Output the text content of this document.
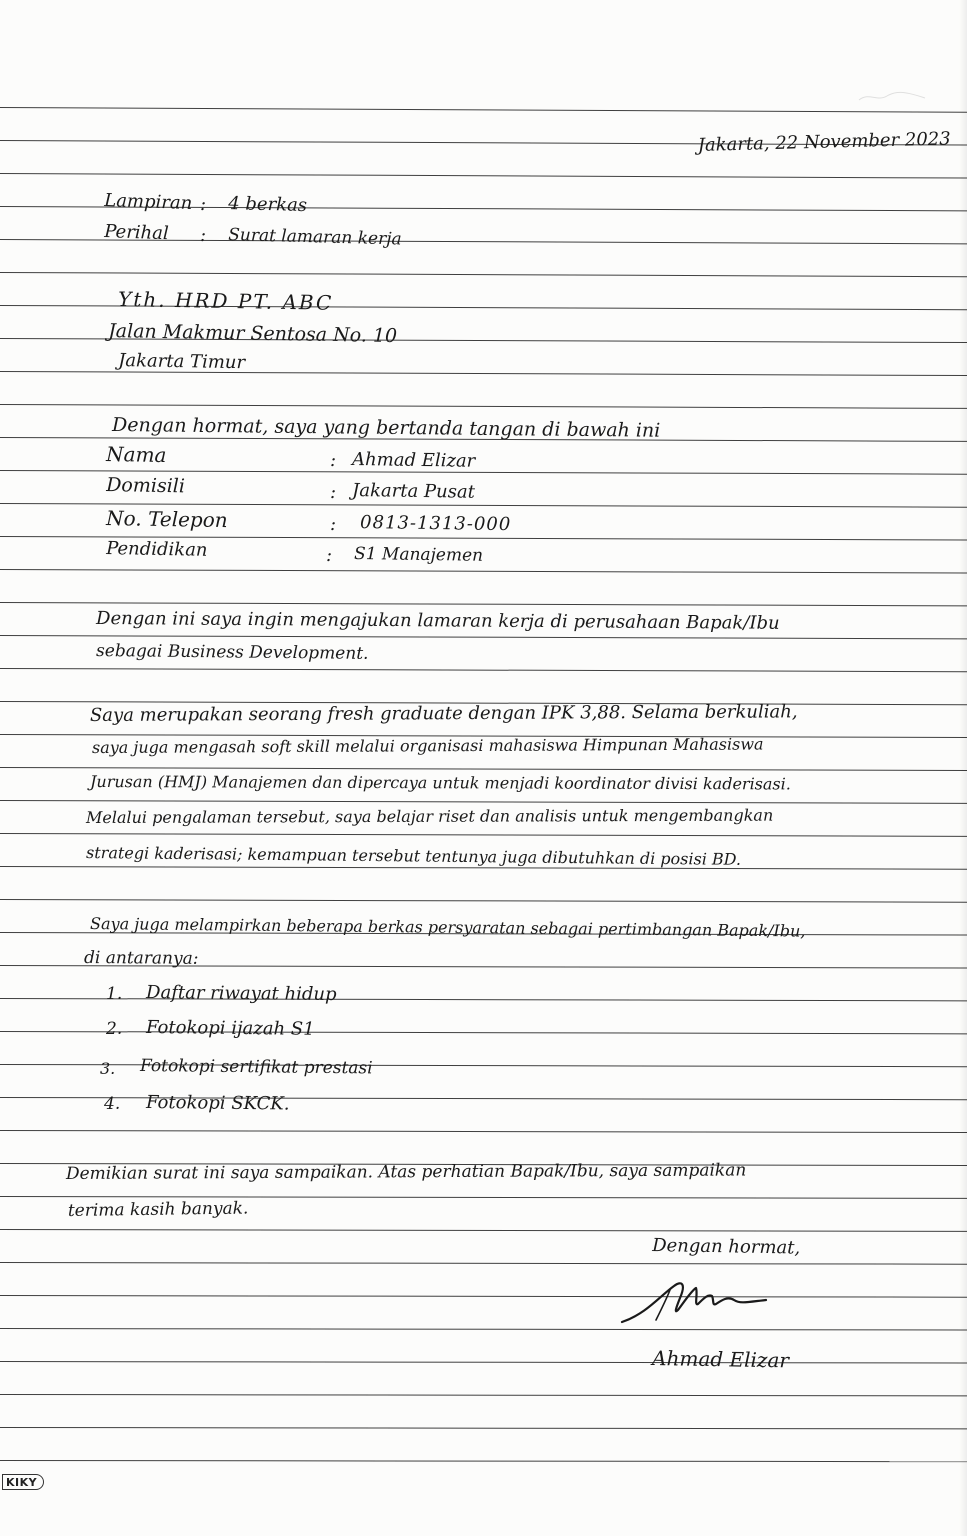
Jakarta, 22 November 2023
Lampiran : 4 berkas
Perihal : Surat lamaran kerja
Yth. HRD PT. ABC
Jalan Makmur Sentosa No. 10
Jakarta Timur
Dengan hormat, saya yang bertanda tangan di bawah ini
Nama	: Ahmad Elizar
Domisili	: Jakarta Pusat
No. Telepon	: 0813-1313-000
Pendidikan	: S1 Manajemen
Dengan ini saya ingin mengajukan lamaran kerja di perusahaan Bapak/Ibu
sebagai Business Development.
Saya merupakan seorang fresh graduate dengan IPK 3,88. Selama berkuliah,
saya juga mengasah soft skill melalui organisasi mahasiswa Himpunan Mahasiswa
Jurusan (HMJ) Manajemen dan dipercaya untuk menjadi koordinator divisi kaderisasi.
Melalui pengalaman tersebut, saya belajar riset dan analisis untuk mengembangkan
strategi kaderisasi; kemampuan tersebut tentunya juga dibutuhkan di posisi BD.
Saya juga melampirkan beberapa berkas persyaratan sebagai pertimbangan Bapak/Ibu,
di antaranya:
1. Daftar riwayat hidup
2. Fotokopi ijazah S1
3. Fotokopi sertifikat prestasi
4. Fotokopi SKCK.
Demikian surat ini saya sampaikan. Atas perhatian Bapak/Ibu, saya sampaikan
terima kasih banyak.
Dengan hormat,
Ahmad Elizar
KIKY
